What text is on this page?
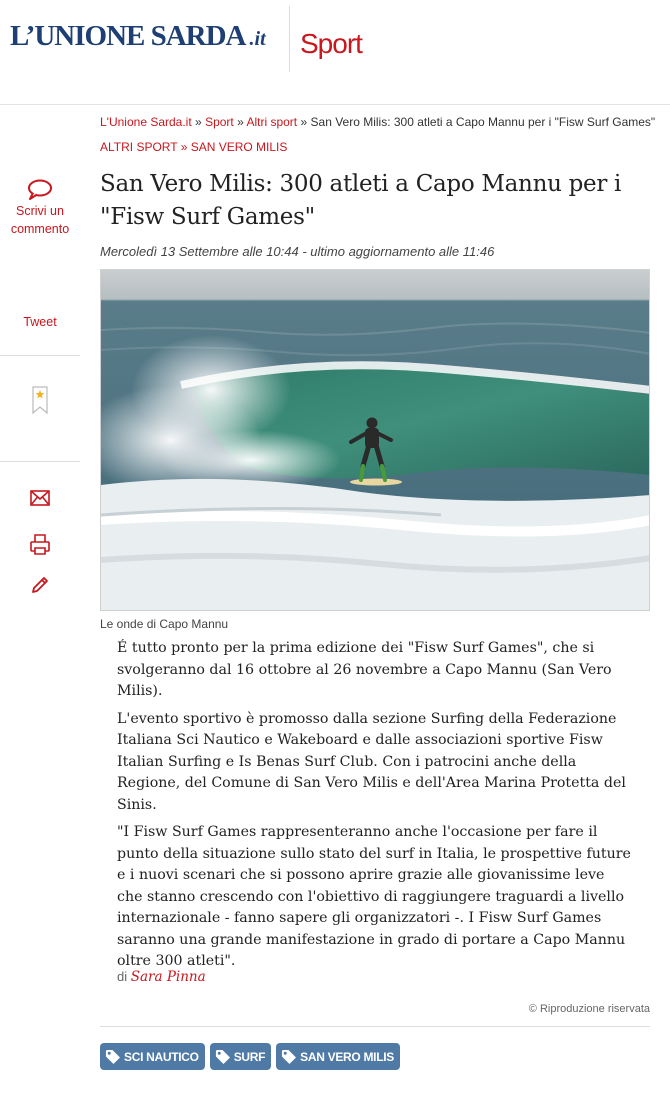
L’UNIONE SARDA .it Sport
Scrivi un commento
Tweet
L'Unione Sarda.it » Sport » Altri sport » San Vero Milis: 300 atleti a Capo Mannu per i "Fisw Surf Games"
ALTRI SPORT » SAN VERO MILIS
San Vero Milis: 300 atleti a Capo Mannu per i "Fisw Surf Games"
Mercoledì 13 Settembre alle 10:44 - ultimo aggiornamento alle 11:46
Le onde di Capo Mannu

É tutto pronto per la prima edizione dei "Fisw Surf Games", che si svolgeranno dal 16 ottobre al 26 novembre a Capo Mannu (San Vero Milis).

L'evento sportivo è promosso dalla sezione Surfing della Federazione Italiana Sci Nautico e Wakeboard e dalle associazioni sportive Fisw Italian Surfing e Is Benas Surf Club. Con i patrocini anche della Regione, del Comune di San Vero Milis e dell'Area Marina Protetta del Sinis.

"I Fisw Surf Games rappresenteranno anche l'occasione per fare il punto della situazione sullo stato del surf in Italia, le prospettive future e i nuovi scenari che si possono aprire grazie alle giovanissime leve che stanno crescendo con l'obiettivo di raggiungere traguardi a livello internazionale - fanno sapere gli organizzatori -. I Fisw Surf Games saranno una grande manifestazione in grado di portare a Capo Mannu oltre 300 atleti".

di Sara Pinna
© Riproduzione riservata
SCI NAUTICO	SURF	SAN VERO MILIS
